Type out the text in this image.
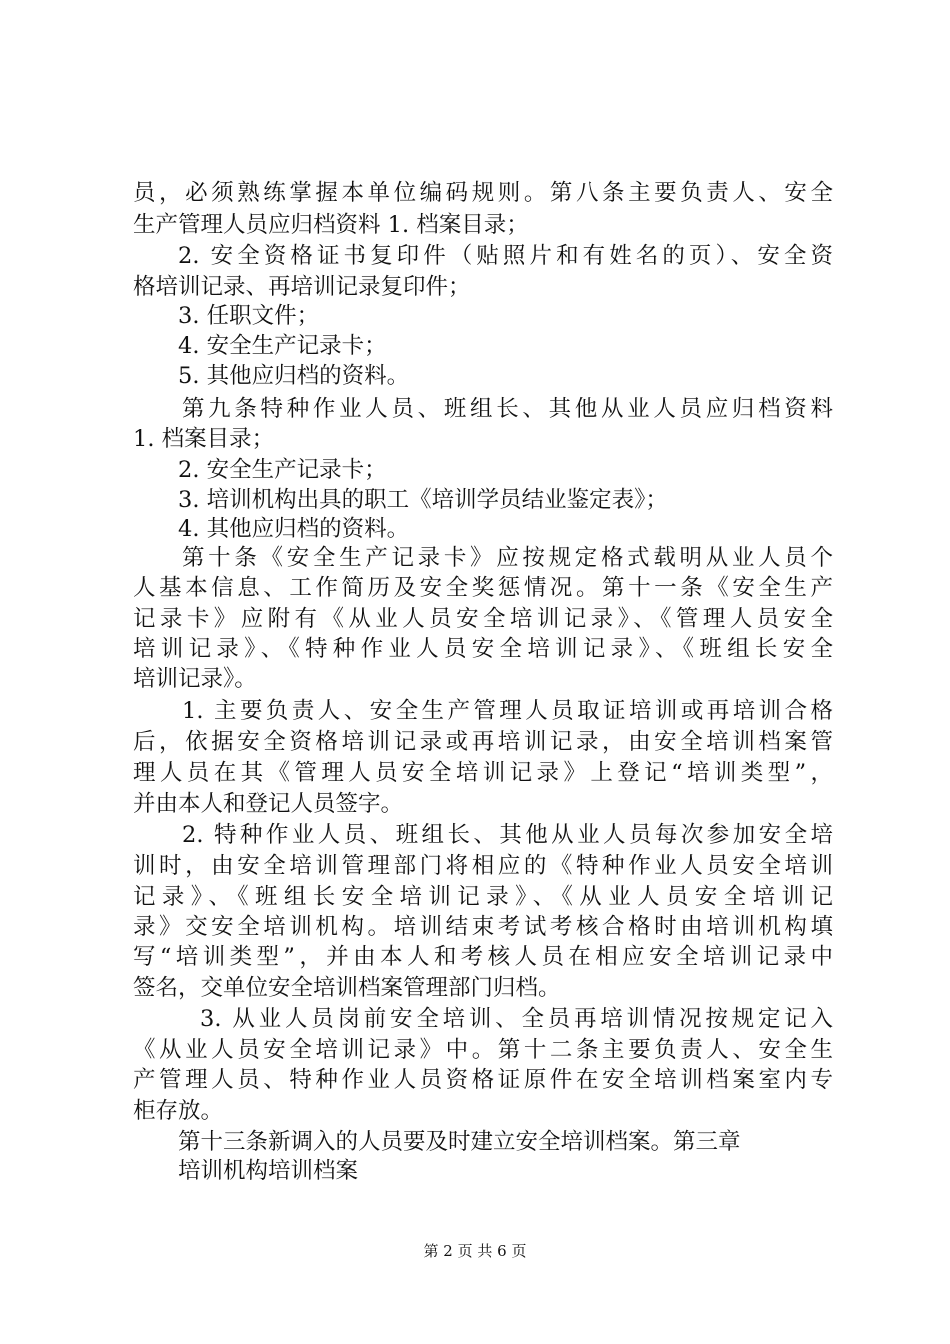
员，必须熟练掌握本单位编码规则。第八条主要负责人、安全
生产管理人员应归档资料 1. 档案目录；
2. 安全资格证书复印件（贴照片和有姓名的页）、安全资
格培训记录、再培训记录复印件；
3. 任职文件；
4. 安全生产记录卡；
5. 其他应归档的资料。
第九条特种作业人员、班组长、其他从业人员应归档资料
1. 档案目录；
2. 安全生产记录卡；
3. 培训机构出具的职工《培训学员结业鉴定表》；
4. 其他应归档的资料。
第十条《安全生产记录卡》应按规定格式载明从业人员个
人基本信息、工作简历及安全奖惩情况。第十一条《安全生产
记录卡》应附有《从业人员安全培训记录》、《管理人员安全
培训记录》、《特种作业人员安全培训记录》、《班组长安全
培训记录》。
1. 主要负责人、安全生产管理人员取证培训或再培训合格
后，依据安全资格培训记录或再培训记录，由安全培训档案管
理人员在其《管理人员安全培训记录》上登记“培训类型”，
并由本人和登记人员签字。
2. 特种作业人员、班组长、其他从业人员每次参加安全培
训时，由安全培训管理部门将相应的《特种作业人员安全培训
记录》、《班组长安全培训记录》、《从业人员安全培训记
录》交安全培训机构。培训结束考试考核合格时由培训机构填
写“培训类型”，并由本人和考核人员在相应安全培训记录中
签名，交单位安全培训档案管理部门归档。
3. 从业人员岗前安全培训、全员再培训情况按规定记入
《从业人员安全培训记录》中。第十二条主要负责人、安全生
产管理人员、特种作业人员资格证原件在安全培训档案室内专
柜存放。
第十三条新调入的人员要及时建立安全培训档案。第三章
培训机构培训档案
第 2 页 共 6 页
